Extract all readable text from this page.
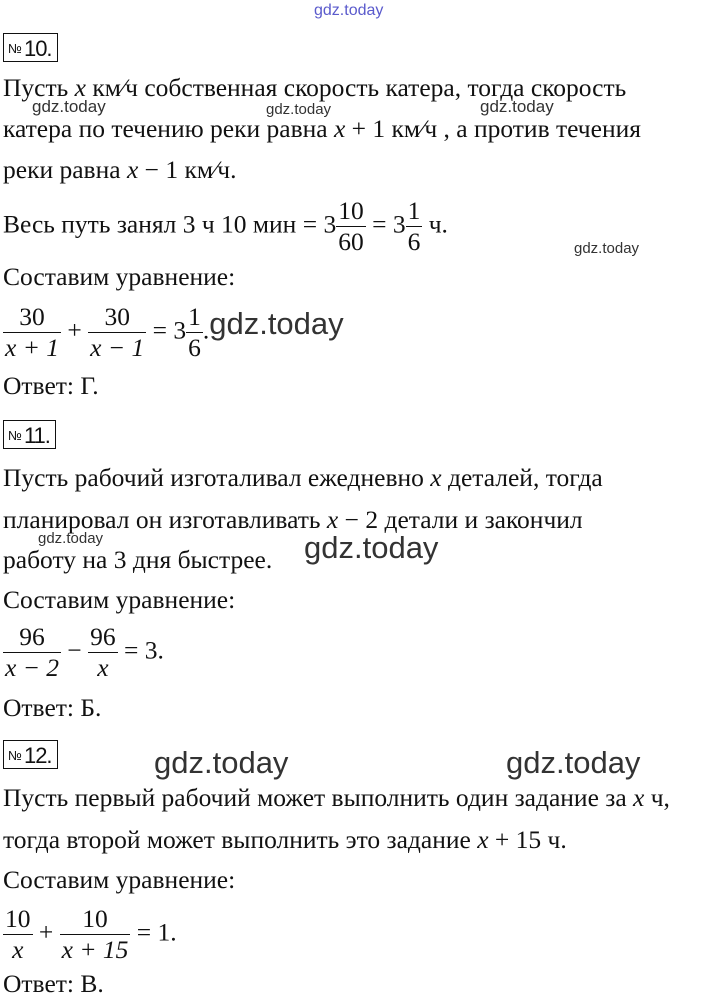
gdz.today
gdz.today	gdz.today	gdz.today
gdz.today
gdz.today	gdz.today
gdz.today	gdz.today
№ 10.
Пусть x км⁄ч собственная скорость катера, тогда скорость
катера по течению реки равна x + 1 км⁄ч , а против течения
реки равна x − 1 км⁄ч.
Весь путь занял 3 ч 10 мин = $3 \frac{10}{60} = 3 \frac{1}{6} ч$.
Составим уравнение:
$\frac{30}{x + 1} + \frac{30}{x - 1} = 3 \frac{1}{6}$ .gdz.today
Ответ: Г.
№ 11.
Пусть рабочий изготаливал ежедневно x деталей, тогда
планировал он изготавливать x − 2 детали и закончил
работу на 3 дня быстрее.
Составим уравнение:
$\frac{96}{x - 2} - \frac{96}{x} = 3$.
Ответ: Б.
№ 12.
Пусть первый рабочий может выполнить один задание за x ч,
тогда второй может выполнить это задание x + 15 ч.
Составим уравнение:
$\frac{10}{x} + \frac{10}{x + 15} = 1$.
Ответ: В.
